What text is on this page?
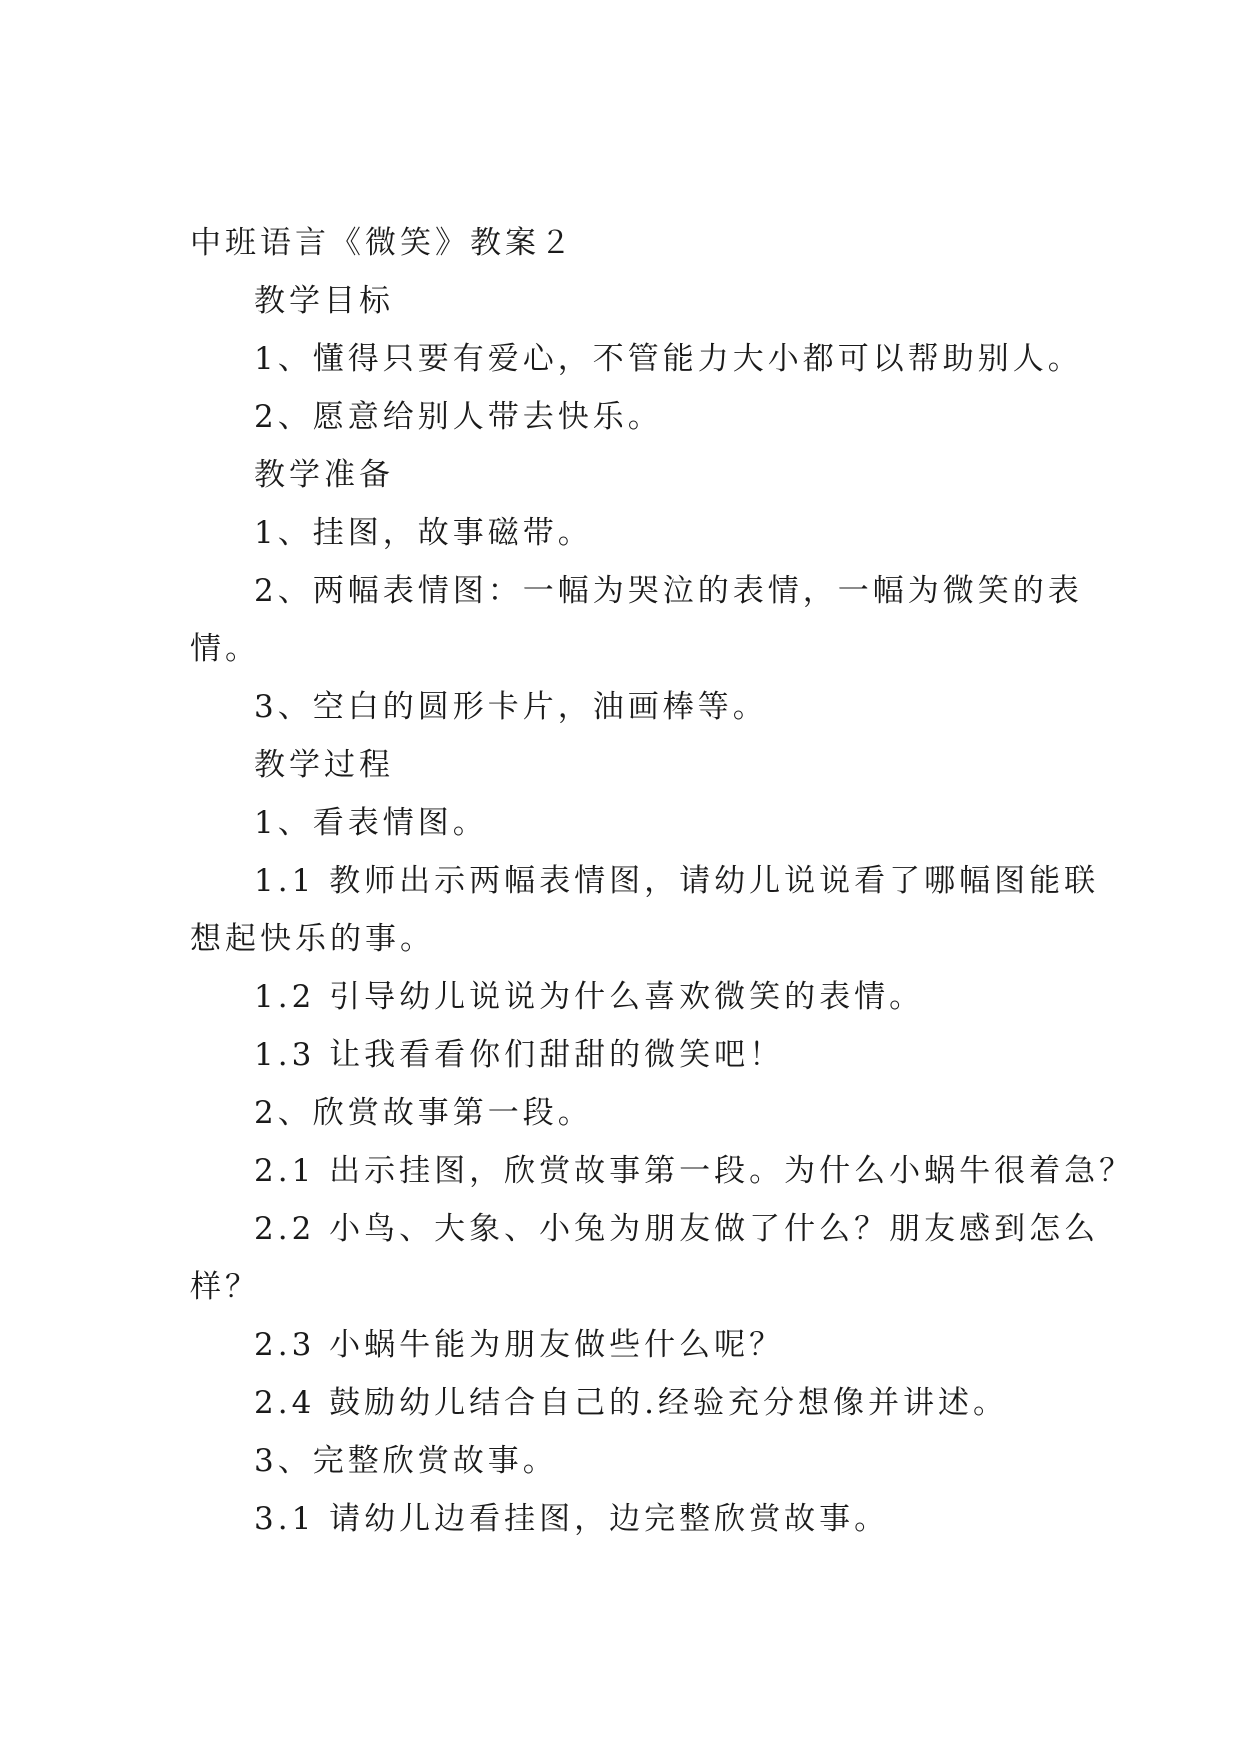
中班语言《微笑》教案２

教学目标

1、懂得只要有爱心，不管能力大小都可以帮助别人。

2、愿意给别人带去快乐。

教学准备

1、挂图，故事磁带。

2、两幅表情图：一幅为哭泣的表情，一幅为微笑的表

情。

3、空白的圆形卡片，油画棒等。

教学过程

1、看表情图。

1.1 教师出示两幅表情图，请幼儿说说看了哪幅图能联

想起快乐的事。

1.2 引导幼儿说说为什么喜欢微笑的表情。

1.3 让我看看你们甜甜的微笑吧！

2、欣赏故事第一段。

2.1 出示挂图，欣赏故事第一段。为什么小蜗牛很着急？

2.2 小鸟、大象、小兔为朋友做了什么？朋友感到怎么

样？

2.3 小蜗牛能为朋友做些什么呢？

2.4 鼓励幼儿结合自己的.经验充分想像并讲述。

3、完整欣赏故事。

3.1 请幼儿边看挂图，边完整欣赏故事。
